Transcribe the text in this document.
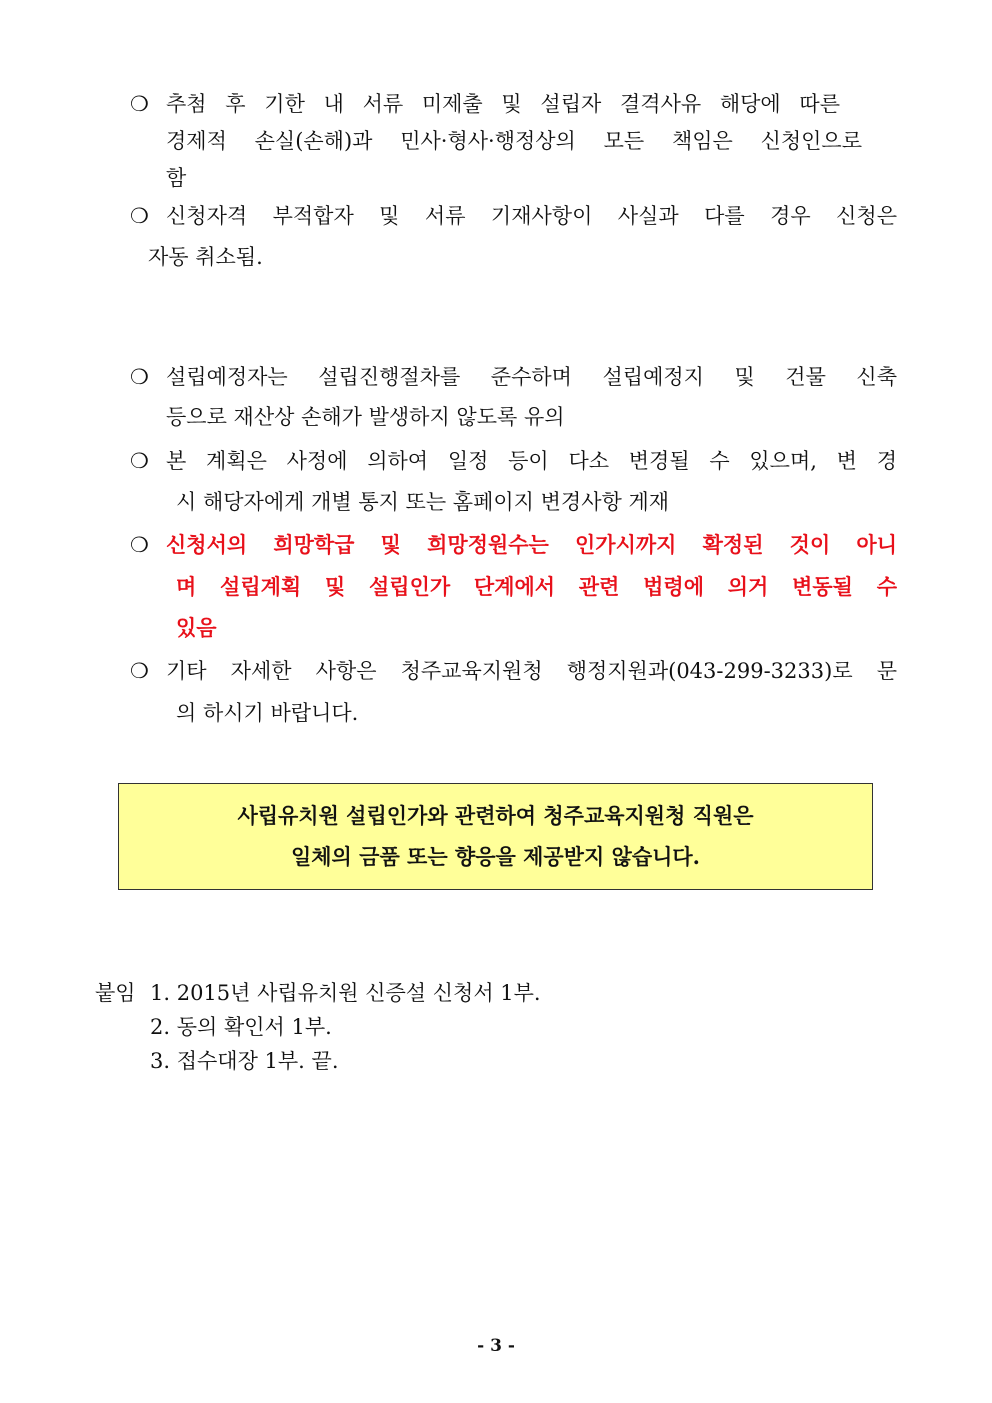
❍ 추첨 후 기한 내 서류 미제출 및 설립자 결격사유 해당에 따른
경제적 손실(손해)과 민사·형사·행정상의 모든 책임은 신청인으로
함
❍ 신청자격 부적합자 및 서류 기재사항이 사실과 다를 경우 신청은
자동 취소됨.
❍ 설립예정자는 설립진행절차를 준수하며 설립예정지 및 건물 신축
등으로 재산상 손해가 발생하지 않도록 유의
❍ 본 계획은 사정에 의하여 일정 등이 다소 변경될 수 있으며, 변 경
시 해당자에게 개별 통지 또는 홈페이지 변경사항 게재
❍ 신청서의 희망학급 및 희망정원수는 인가시까지 확정된 것이 아니
며 설립계획 및 설립인가 단계에서 관련 법령에 의거 변동될 수
있음
❍ 기타 자세한 사항은 청주교육지원청 행정지원과(043-299-3233)로 문
의 하시기 바랍니다.
사립유치원 설립인가와 관련하여 청주교육지원청 직원은
일체의 금품 또는 향응을 제공받지 않습니다.
붙임 1. 2015년 사립유치원 신증설 신청서 1부.
2. 동의 확인서 1부.
3. 접수대장 1부. 끝.
- 3 -
